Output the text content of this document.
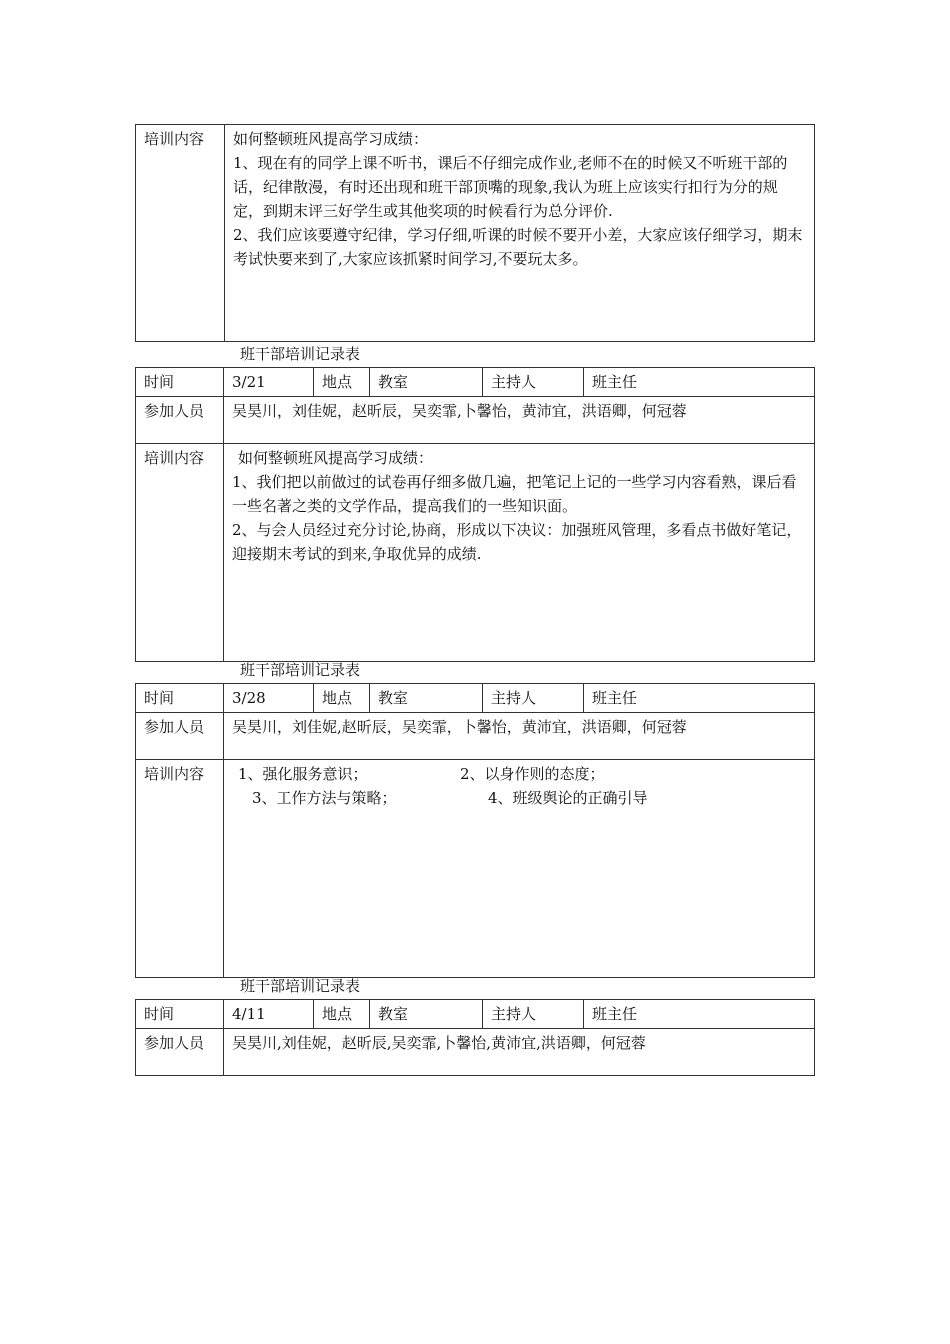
培训内容	如何整顿班风提高学习成绩：

1、现在有的同学上课不听书，课后不仔细完成作业,老师不在的时候又不听班干部的话，纪律散漫，有时还出现和班干部顶嘴的现象,我认为班上应该实行扣行为分的规定，到期末评三好学生或其他奖项的时候看行为总分评价.

2、我们应该要遵守纪律，学习仔细,听课的时候不要开小差，大家应该仔细学习，期末考试快要来到了,大家应该抓紧时间学习,不要玩太多。

班干部培训记录表
时间	3/21	地点	教室	主持人	班主任
参加人员	吴昊川，刘佳妮，赵昕辰，吴奕霏,卜馨怡，黄沛宜，洪语卿，何冠蓉				
培训内容	如何整顿班风提高学习成绩：

1、我们把以前做过的试卷再仔细多做几遍，把笔记上记的一些学习内容看熟，课后看一些名著之类的文学作品，提高我们的一些知识面。

2、与会人员经过充分讨论,协商，形成以下决议：加强班风管理，多看点书做好笔记，迎接期末考试的到来,争取优异的成绩.				

班干部培训记录表
时间	3/28	地点	教室	主持人	班主任
参加人员	吴昊川，刘佳妮,赵昕辰，吴奕霏，卜馨怡，黄沛宜，洪语卿，何冠蓉				
培训内容	1、强化服务意识； 2、以身作则的态度；
3、工作方法与策略； 4、班级舆论的正确引导				
班干部培训记录表
时间	4/11	地点	教室	主持人	班主任
参加人员	吴昊川,刘佳妮，赵昕辰,吴奕霏,卜馨怡,黄沛宜,洪语卿，何冠蓉				
